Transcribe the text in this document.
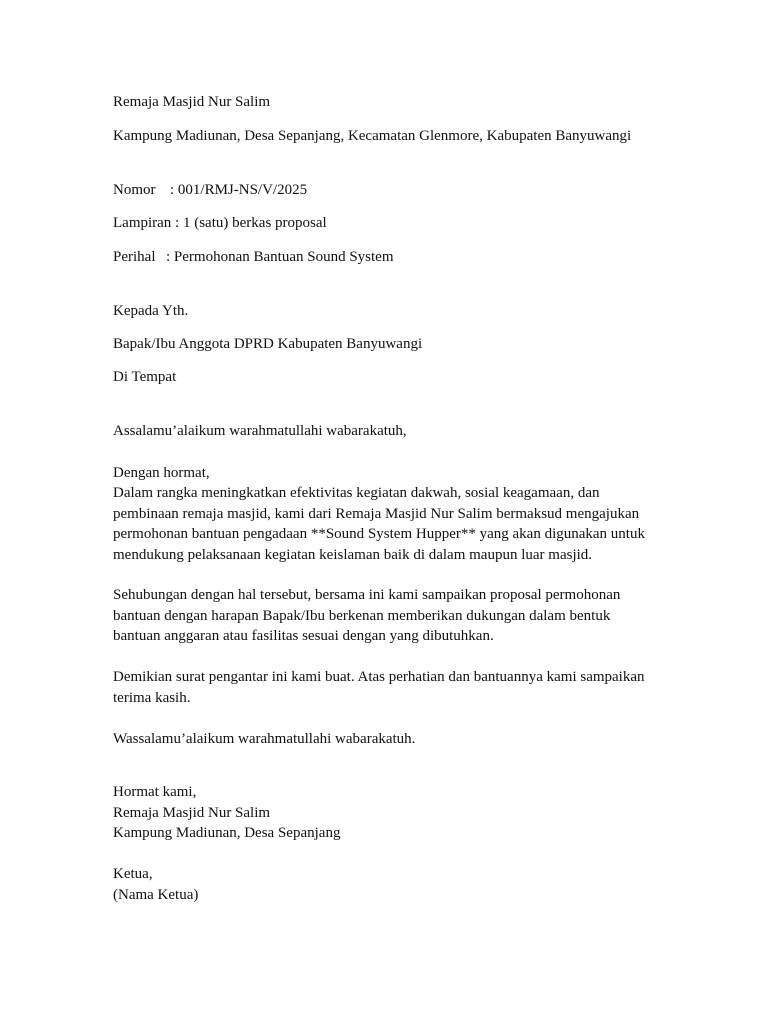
Remaja Masjid Nur Salim
Kampung Madiunan, Desa Sepanjang, Kecamatan Glenmore, Kabupaten Banyuwangi
Nomor : 001/RMJ-NS/V/2025
Lampiran : 1 (satu) berkas proposal
Perihal : Permohonan Bantuan Sound System
Kepada Yth.
Bapak/Ibu Anggota DPRD Kabupaten Banyuwangi
Di Tempat
Assalamu’alaikum warahmatullahi wabarakatuh,
Dengan hormat,
Dalam rangka meningkatkan efektivitas kegiatan dakwah, sosial keagamaan, dan
pembinaan remaja masjid, kami dari Remaja Masjid Nur Salim bermaksud mengajukan
permohonan bantuan pengadaan **Sound System Hupper** yang akan digunakan untuk
mendukung pelaksanaan kegiatan keislaman baik di dalam maupun luar masjid.
Sehubungan dengan hal tersebut, bersama ini kami sampaikan proposal permohonan
bantuan dengan harapan Bapak/Ibu berkenan memberikan dukungan dalam bentuk
bantuan anggaran atau fasilitas sesuai dengan yang dibutuhkan.
Demikian surat pengantar ini kami buat. Atas perhatian dan bantuannya kami sampaikan
terima kasih.
Wassalamu’alaikum warahmatullahi wabarakatuh.
Hormat kami,
Remaja Masjid Nur Salim
Kampung Madiunan, Desa Sepanjang
Ketua,
(Nama Ketua)
